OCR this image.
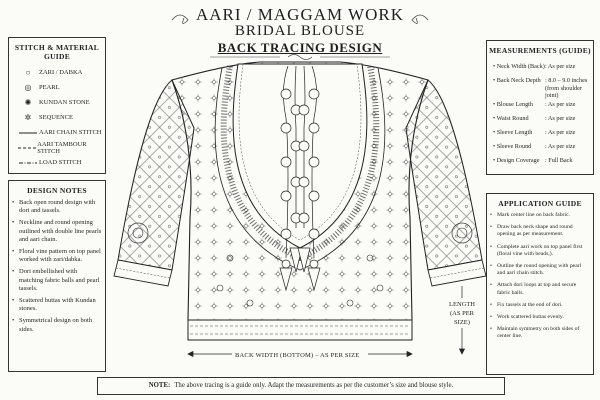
AARI / MAGGAM WORK
BRIDAL BLOUSE
BACK TRACING DESIGN
STITCH & MATERIAL GUIDE
○	ZARI / DABKA
◎	PEARL
✺	KUNDAN STONE
✲	SEQUENCE
AARI CHAIN STITCH
AARI TAMBOUR STITCH
LOAD STITCH
DESIGN NOTES
• Back open round design with dori and tassels.
• Neckline and round opening outlined with double line pearls and aari chain.
• Floral vine pattern on top panel worked with zari/dabka.
• Dori embellished with matching fabric balls and pearl tassels.
• Scattered buttas with Kundan stones.
• Symmetrical design on both sides.
MEASUREMENTS (GUIDE)
• Neck Width (Back) : As per size
• Back Neck Depth : 8.0 – 9.0 inches
(from shoulder joint)
• Blouse Length	: As per size
• Waist Round	: As per size
• Sleeve Length	: As per size
• Sleeve Round	: As per size
• Design Coverage : Full Back
APPLICATION GUIDE
• Mark center line on back fabric.
• Draw back neck shape and round opening as per measurement.
• Complete aari work on top panel first (floral vine with beads,).
• Outline the round opening with pearl and aari chain stitch.
• Attach dori loops at top and secure fabric balls.
• Fix tassels at the end of dori.
• Work scattered buttas evenly.
• Maintain symmetry on both sides of center line.
BACK WIDTH (BOTTOM) – AS PER SIZE
LENGTH (AS PER SIZE)
NOTE: The above tracing is a guide only. Adapt the measurements as per the customer’s size and blouse style.
